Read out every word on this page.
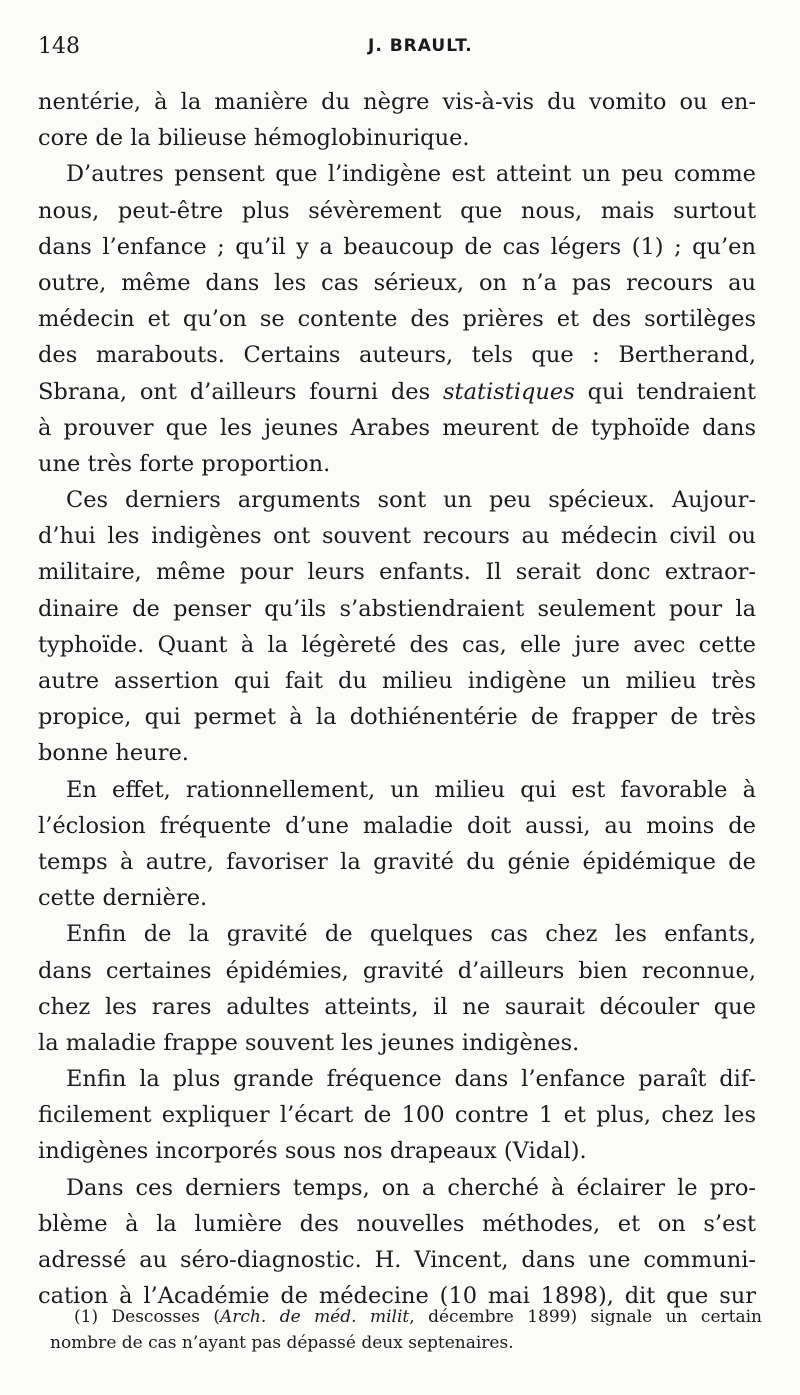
148	J. BRAULT.
nentérie, à la manière du nègre vis-à-vis du vomito ou en-
core de la bilieuse hémoglobinurique.
D’autres pensent que l’indigène est atteint un peu comme
nous, peut-être plus sévèrement que nous, mais surtout
dans l’enfance ; qu’il y a beaucoup de cas légers (1) ; qu’en
outre, même dans les cas sérieux, on n’a pas recours au
médecin et qu’on se contente des prières et des sortilèges
des marabouts. Certains auteurs, tels que : Bertherand,
Sbrana, ont d’ailleurs fourni des statistiques qui tendraient
à prouver que les jeunes Arabes meurent de typhoïde dans
une très forte proportion.
Ces derniers arguments sont un peu spécieux. Aujour-
d’hui les indigènes ont souvent recours au médecin civil ou
militaire, même pour leurs enfants. Il serait donc extraor-
dinaire de penser qu’ils s’abstiendraient seulement pour la
typhoïde. Quant à la légèreté des cas, elle jure avec cette
autre assertion qui fait du milieu indigène un milieu très
propice, qui permet à la dothiénentérie de frapper de très
bonne heure.
En effet, rationnellement, un milieu qui est favorable à
l’éclosion fréquente d’une maladie doit aussi, au moins de
temps à autre, favoriser la gravité du génie épidémique de
cette dernière.
Enfin de la gravité de quelques cas chez les enfants,
dans certaines épidémies, gravité d’ailleurs bien reconnue,
chez les rares adultes atteints, il ne saurait découler que
la maladie frappe souvent les jeunes indigènes.
Enfin la plus grande fréquence dans l’enfance paraît dif-
ficilement expliquer l’écart de 100 contre 1 et plus, chez les
indigènes incorporés sous nos drapeaux (Vidal).
Dans ces derniers temps, on a cherché à éclairer le pro-
blème à la lumière des nouvelles méthodes, et on s’est
adressé au séro-diagnostic. H. Vincent, dans une communi-
cation à l’Académie de médecine (10 mai 1898), dit que sur
(1) Descosses (Arch. de méd. milit, décembre 1899) signale un certain
nombre de cas n’ayant pas dépassé deux septenaires.
